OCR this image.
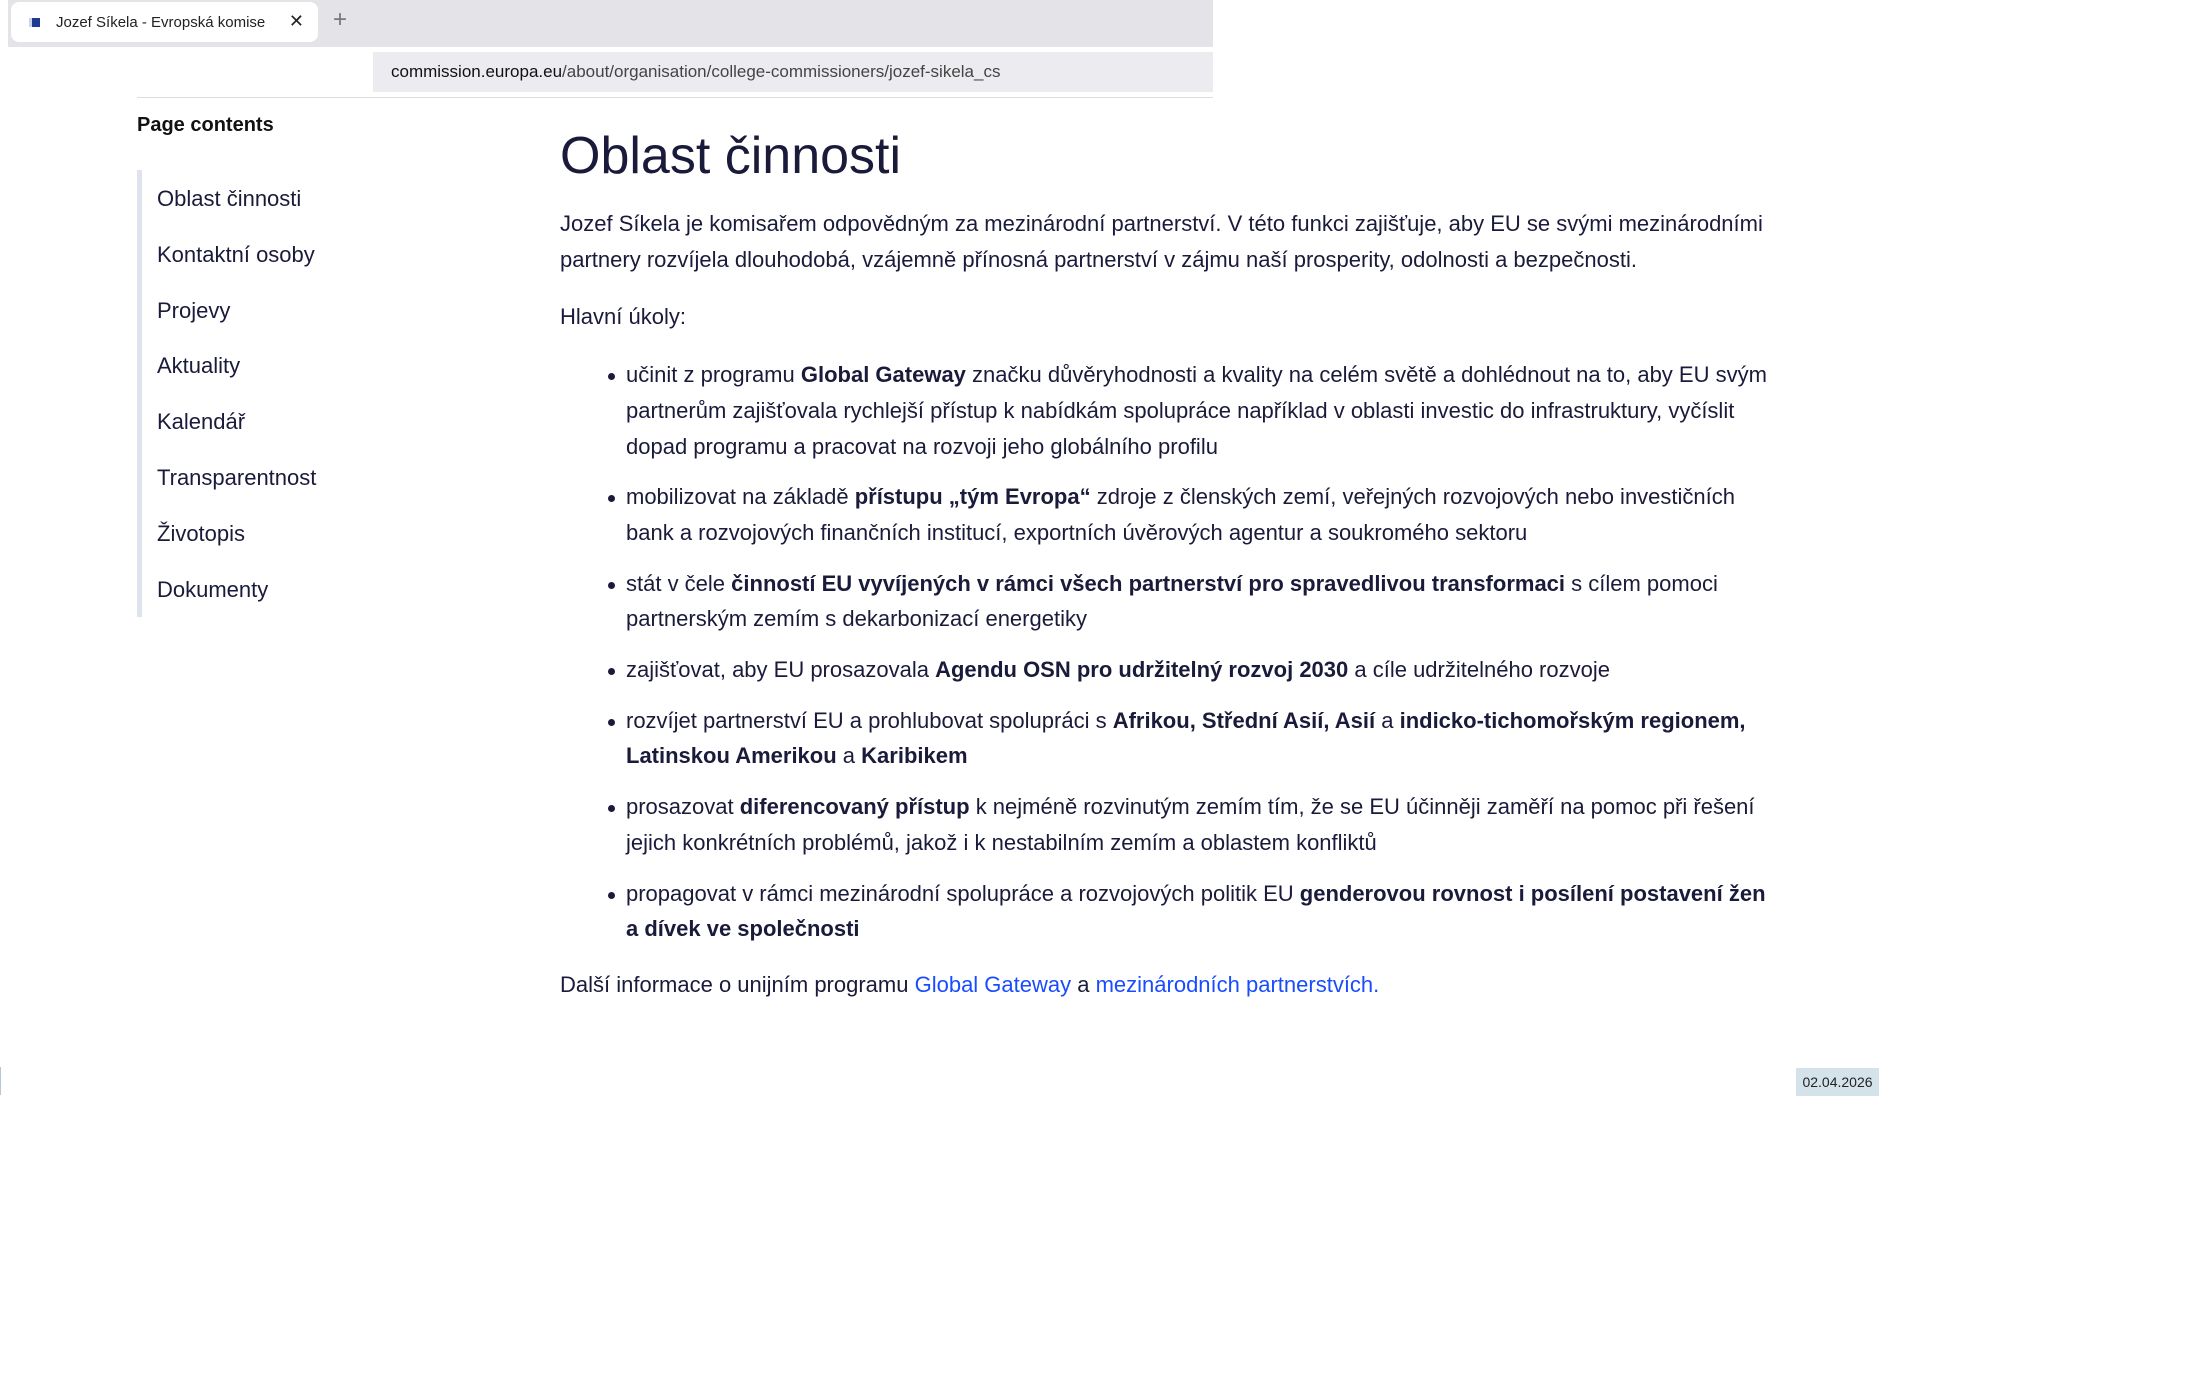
Jozef Síkela - Evropská komise ✕ +
commission.europa.eu/about/organisation/college-commissioners/jozef-sikela_cs
Page contents
Oblast činnosti
Kontaktní osoby
Projevy
Aktuality
Kalendář
Transparentnost
Životopis
Dokumenty
Oblast činnosti

Jozef Síkela je komisařem odpovědným za mezinárodní partnerství. V této funkci zajišťuje, aby EU se svými mezinárodními partnery rozvíjela dlouhodobá, vzájemně přínosná partnerství v zájmu naší prosperity, odolnosti a bezpečnosti.

Hlavní úkoly:

učinit z programu Global Gateway značku důvěryhodnosti a kvality na celém světě a dohlédnout na to, aby EU svým partnerům zajišťovala rychlejší přístup k nabídkám spolupráce například v oblasti investic do infrastruktury, vyčíslit dopad programu a pracovat na rozvoji jeho globálního profilu
mobilizovat na základě přístupu „tým Evropa“ zdroje z členských zemí, veřejných rozvojových nebo investičních bank a rozvojových finančních institucí, exportních úvěrových agentur a soukromého sektoru
stát v čele činností EU vyvíjených v rámci všech partnerství pro spravedlivou transformaci s cílem pomoci partnerským zemím s dekarbonizací energetiky
zajišťovat, aby EU prosazovala Agendu OSN pro udržitelný rozvoj 2030 a cíle udržitelného rozvoje
rozvíjet partnerství EU a prohlubovat spolupráci s Afrikou, Střední Asií, Asií a indicko-tichomořským regionem, Latinskou Amerikou a Karibikem
prosazovat diferencovaný přístup k nejméně rozvinutým zemím tím, že se EU účinněji zaměří na pomoc při řešení jejich konkrétních problémů, jakož i k nestabilním zemím a oblastem konfliktů
propagovat v rámci mezinárodní spolupráce a rozvojových politik EU genderovou rovnost i posílení postavení žen a dívek ve společnosti

Další informace o unijním programu Global Gateway a mezinárodních partnerstvích.

02.04.2026
